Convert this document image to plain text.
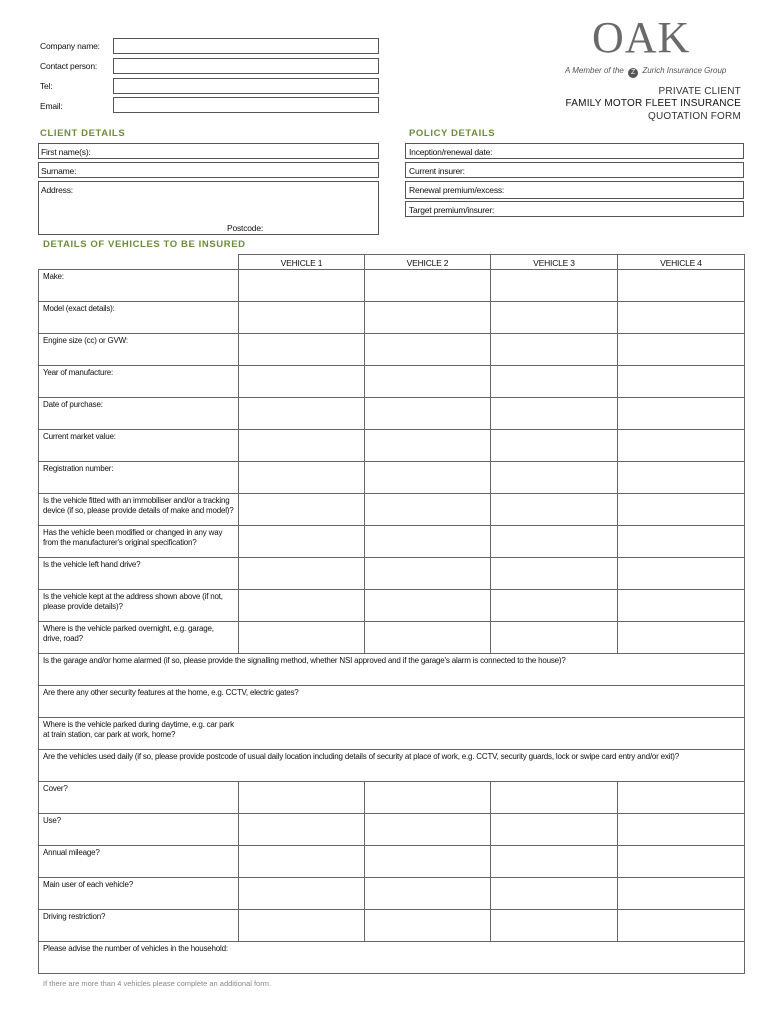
Company name:
Contact person:
Tel:
Email:
OAK
A Member of the Z Zurich Insurance Group
PRIVATE CLIENT
FAMILY MOTOR FLEET INSURANCE
QUOTATION FORM
CLIENT DETAILS
First name(s):
Surname:
Address:
Postcode:
POLICY DETAILS
Inception/renewal date:
Current insurer:
Renewal premium/excess:
Target premium/insurer:
DETAILS OF VEHICLES TO BE INSURED
	VEHICLE 1	VEHICLE 2	VEHICLE 3	VEHICLE 4
Make:				
Model (exact details):				
Engine size (cc) or GVW:				
Year of manufacture:				
Date of purchase:				
Current market value:				
Registration number:				
Is the vehicle fitted with an immobiliser and/or a tracking device (if so, please provide details of make and model)?				
Has the vehicle been modified or changed in any way from the manufacturer's original specification?				
Is the vehicle left hand drive?				
Is the vehicle kept at the address shown above (if not, please provide details)?				
Where is the vehicle parked overnight, e.g. garage, drive, road?				
Is the garage and/or home alarmed (if so, please provide the signalling method, whether NSI approved and if the garage's alarm is connected to the house)?				
Are there any other security features at the home, e.g. CCTV, electric gates?				

Where is the vehicle parked during daytime, e.g. car park at train station, car park at work, home?				

Are the vehicles used daily (if so, please provide postcode of usual daily location including details of security at place of work, e.g. CCTV, security guards, lock or swipe card entry and/or exit)?				
Cover?				
Use?				
Annual mileage?				
Main user of each vehicle?				
Driving restriction?				
Please advise the number of vehicles in the household:				
If there are more than 4 vehicles please complete an additional form.
